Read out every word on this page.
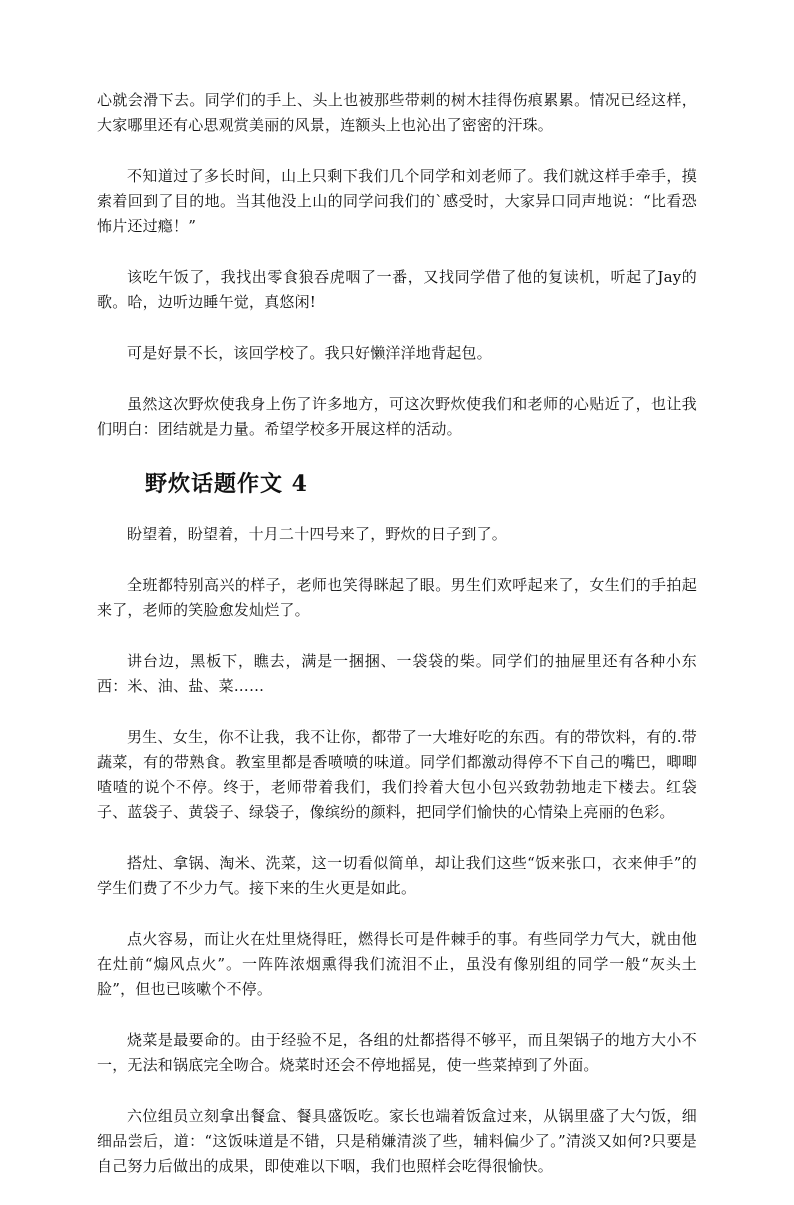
心就会滑下去。同学们的手上、头上也被那些带刺的树木挂得伤痕累累。情况已经这样，大家哪里还有心思观赏美丽的风景，连额头上也沁出了密密的汗珠。

不知道过了多长时间，山上只剩下我们几个同学和刘老师了。我们就这样手牵手，摸索着回到了目的地。当其他没上山的同学问我们的`感受时，大家异口同声地说：“比看恐怖片还过瘾！”

该吃午饭了，我找出零食狼吞虎咽了一番，又找同学借了他的复读机，听起了Jay的歌。哈，边听边睡午觉，真悠闲!

可是好景不长，该回学校了。我只好懒洋洋地背起包。

虽然这次野炊使我身上伤了许多地方，可这次野炊使我们和老师的心贴近了，也让我们明白：团结就是力量。希望学校多开展这样的活动。

野炊话题作文 4

盼望着，盼望着，十月二十四号来了，野炊的日子到了。

全班都特别高兴的样子，老师也笑得眯起了眼。男生们欢呼起来了，女生们的手拍起来了，老师的笑脸愈发灿烂了。

讲台边，黑板下，瞧去，满是一捆捆、一袋袋的柴。同学们的抽屉里还有各种小东西：米、油、盐、菜……

男生、女生，你不让我，我不让你，都带了一大堆好吃的东西。有的带饮料，有的.带蔬菜，有的带熟食。教室里都是香喷喷的味道。同学们都激动得停不下自己的嘴巴，唧唧喳喳的说个不停。终于，老师带着我们，我们拎着大包小包兴致勃勃地走下楼去。红袋子、蓝袋子、黄袋子、绿袋子，像缤纷的颜料，把同学们愉快的心情染上亮丽的色彩。

搭灶、拿锅、淘米、洗菜，这一切看似简单，却让我们这些“饭来张口，衣来伸手”的学生们费了不少力气。接下来的生火更是如此。

点火容易，而让火在灶里烧得旺，燃得长可是件棘手的事。有些同学力气大，就由他在灶前“煽风点火”。一阵阵浓烟熏得我们流泪不止，虽没有像别组的同学一般“灰头土脸”，但也已咳嗽个不停。

烧菜是最要命的。由于经验不足，各组的灶都搭得不够平，而且架锅子的地方大小不一，无法和锅底完全吻合。烧菜时还会不停地摇晃，使一些菜掉到了外面。

六位组员立刻拿出餐盒、餐具盛饭吃。家长也端着饭盒过来，从锅里盛了大勺饭，细细品尝后，道：“这饭味道是不错，只是稍嫌清淡了些，辅料偏少了。”清淡又如何?只要是自己努力后做出的成果，即使难以下咽，我们也照样会吃得很愉快。
